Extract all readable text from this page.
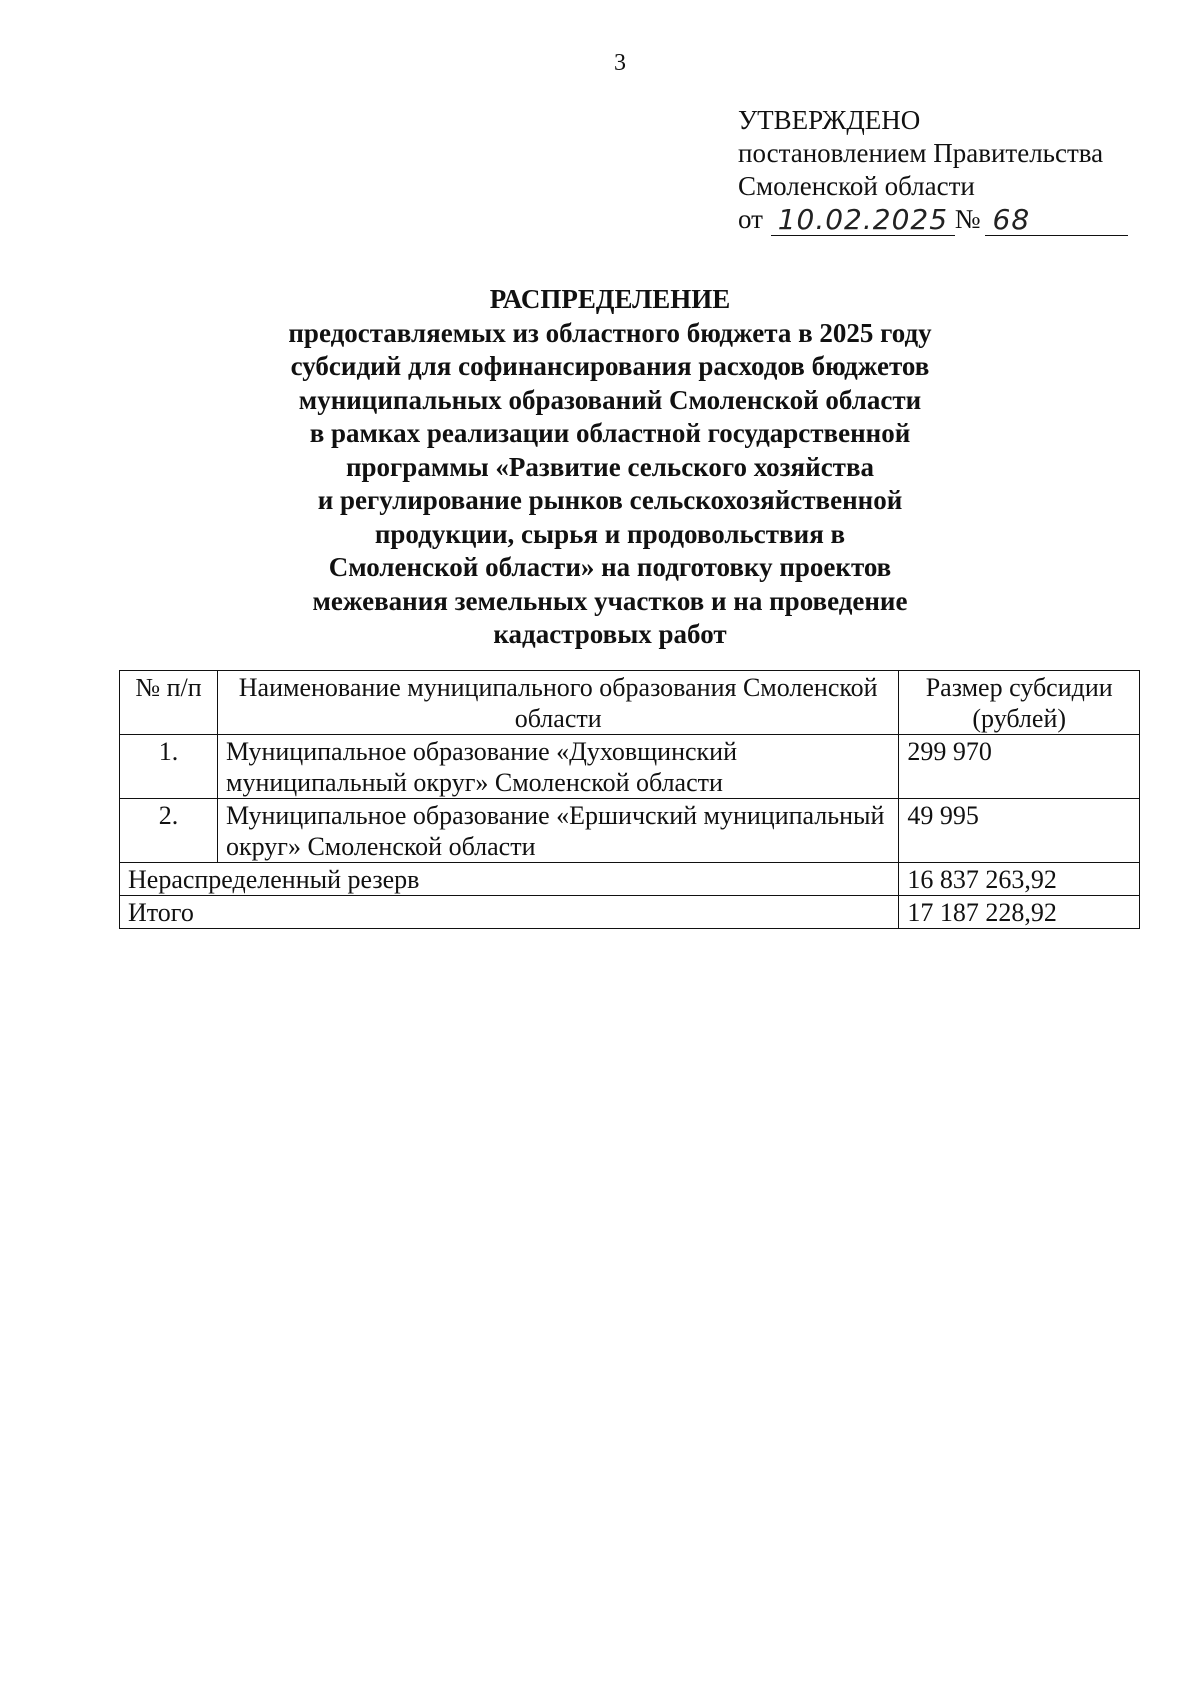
3
УТВЕРЖДЕНО
постановлением Правительства
Смоленской области
от 10.02.2025 № 68
РАСПРЕДЕЛЕНИЕ
предоставляемых из областного бюджета в 2025 году
субсидий для софинансирования расходов бюджетов
муниципальных образований Смоленской области
в рамках реализации областной государственной
программы «Развитие сельского хозяйства
и регулирование рынков сельскохозяйственной
продукции, сырья и продовольствия в
Смоленской области» на подготовку проектов
межевания земельных участков и на проведение
кадастровых работ
№ п/п	Наименование муниципального образования Смоленской области	Размер субсидии (рублей)
1.	Муниципальное образование «Духовщинский муниципальный округ» Смоленской области	299 970
2.	Муниципальное образование «Ершичский муниципальный округ» Смоленской области	49 995
Нераспределенный резерв		16 837 263,92
Итого		17 187 228,92
